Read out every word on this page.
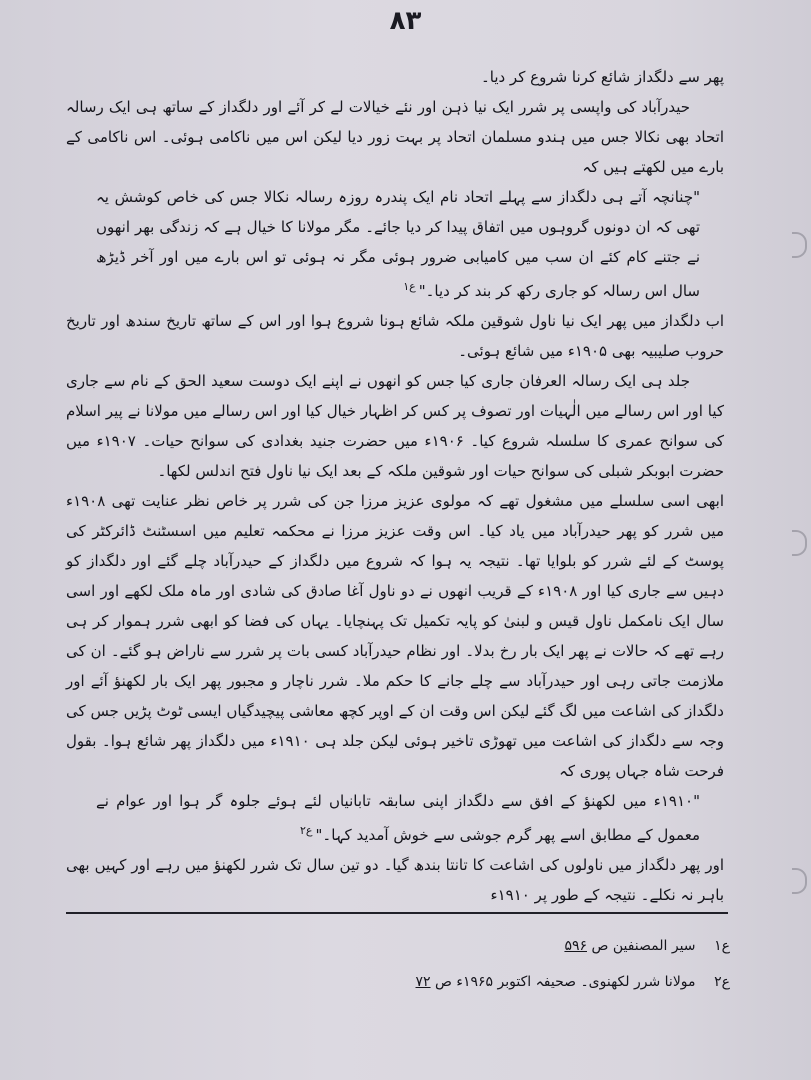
۸۳

پھر سے دلگداز شائع کرنا شروع کر دیا۔

حیدرآباد کی واپسی پر شرر ایک نیا ذہن اور نئے خیالات لے کر آئے اور دلگداز کے ساتھ ہی ایک رسالہ اتحاد بھی نکالا جس میں ہندو مسلمان اتحاد پر بہت زور دیا لیکن اس میں ناکامی ہوئی۔ اس ناکامی کے بارے میں لکھتے ہیں کہ

"چنانچہ آتے ہی دلگداز سے پہلے اتحاد نام ایک پندرہ روزہ رسالہ نکالا جس کی خاص کوشش یہ تھی کہ ان دونوں گروہوں میں اتفاق پیدا کر دیا جائے۔ مگر مولانا کا خیال ہے کہ زندگی بھر انھوں نے جتنے کام کئے ان سب میں کامیابی ضرور ہوئی مگر نہ ہوئی تو اس بارے میں اور آخر ڈیڑھ سال اس رسالہ کو جاری رکھ کر بند کر دیا۔"$^{ع۱}$

اب دلگداز میں پھر ایک نیا ناول شوقین ملکہ شائع ہونا شروع ہوا اور اس کے ساتھ تاریخ سندھ اور تاریخ حروب صلیبیہ بھی ۱۹۰۵ء میں شائع ہوئی۔

جلد ہی ایک رسالہ العرفان جاری کیا جس کو انھوں نے اپنے ایک دوست سعید الحق کے نام سے جاری کیا اور اس رسالے میں الٰہیات اور تصوف پر کس کر اظہار خیال کیا اور اس رسالے میں مولانا نے پیر اسلام کی سوانح عمری کا سلسلہ شروع کیا۔ ۱۹۰۶ء میں حضرت جنید بغدادی کی سوانح حیات۔ ۱۹۰۷ء میں حضرت ابوبکر شبلی کی سوانح حیات اور شوقین ملکہ کے بعد ایک نیا ناول فتح اندلس لکھا۔

ابھی اسی سلسلے میں مشغول تھے کہ مولوی عزیز مرزا جن کی شرر پر خاص نظر عنایت تھی ۱۹۰۸ء میں شرر کو پھر حیدرآباد میں یاد کیا۔ اس وقت عزیز مرزا نے محکمہ تعلیم میں اسسٹنٹ ڈائرکٹر کی پوسٹ کے لئے شرر کو بلوایا تھا۔ نتیجہ یہ ہوا کہ شروع میں دلگداز کے حیدرآباد چلے گئے اور دلگداز کو دہیں سے جاری کیا اور ۱۹۰۸ء کے قریب انھوں نے دو ناول آغا صادق کی شادی اور ماہ ملک لکھے اور اسی سال ایک نامکمل ناول قیس و لبنیٰ کو پایہ تکمیل تک پہنچایا۔ یہاں کی فضا کو ابھی شرر ہموار کر ہی رہے تھے کہ حالات نے پھر ایک بار رخ بدلا۔ اور نظام حیدرآباد کسی بات پر شرر سے ناراض ہو گئے۔ ان کی ملازمت جاتی رہی اور حیدرآباد سے چلے جانے کا حکم ملا۔ شرر ناچار و مجبور پھر ایک بار لکھنؤ آئے اور دلگداز کی اشاعت میں لگ گئے لیکن اس وقت ان کے اوپر کچھ معاشی پیچیدگیاں ایسی ٹوٹ پڑیں جس کی وجہ سے دلگداز کی اشاعت میں تھوڑی تاخیر ہوئی لیکن جلد ہی ۱۹۱۰ء میں دلگداز پھر شائع ہوا۔ بقول فرحت شاہ جہاں پوری کہ

"۱۹۱۰ء میں لکھنؤ کے افق سے دلگداز اپنی سابقہ تابانیاں لئے ہوئے جلوہ گر ہوا اور عوام نے معمول کے مطابق اسے پھر گرم جوشی سے خوش آمدید کہا۔"$^{ع۲}$

اور پھر دلگداز میں ناولوں کی اشاعت کا تانتا بندھ گیا۔ دو تین سال تک شرر لکھنؤ میں رہے اور کہیں بھی باہر نہ نکلے۔ نتیجہ کے طور پر ۱۹۱۰ء

ع۱ سیر المصنفین ص ۵۹۶
ع۲ مولانا شرر لکھنوی۔ صحیفہ اکتوبر ۱۹۶۵ء ص ۷۲
